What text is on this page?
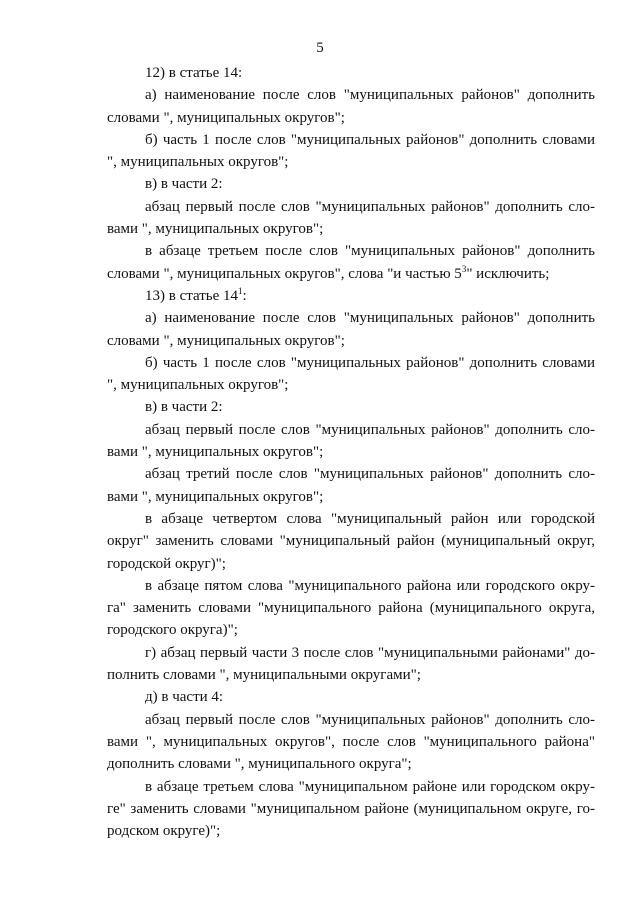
5

12) в статье 14:

а) наименование после слов "муниципальных районов" дополнить словами ", муниципальных округов";

б) часть 1 после слов "муниципальных районов" дополнить словами ", муниципальных округов";

в) в части 2:

абзац первый после слов "муниципальных районов" дополнить словами ", муниципальных округов";

в абзаце третьем после слов "муниципальных районов" дополнить словами ", муниципальных округов", слова "и частью $5^3$" исключить;

13) в статье $14^1$:

а) наименование после слов "муниципальных районов" дополнить словами ", муниципальных округов";

б) часть 1 после слов "муниципальных районов" дополнить словами ", муниципальных округов";

в) в части 2:

абзац первый после слов "муниципальных районов" дополнить словами ", муниципальных округов";

абзац третий после слов "муниципальных районов" дополнить словами ", муниципальных округов";

в абзаце четвертом слова "муниципальный район или городской округ" заменить словами "муниципальный район (муниципальный округ, городской округ)";

в абзаце пятом слова "муниципального района или городского округа" заменить словами "муниципального района (муниципального округа, городского округа)";

г) абзац первый части 3 после слов "муниципальными районами" дополнить словами ", муниципальными округами";

д) в части 4:

абзац первый после слов "муниципальных районов" дополнить словами ", муниципальных округов", после слов "муниципального района" дополнить словами ", муниципального округа";

в абзаце третьем слова "муниципальном районе или городском округе" заменить словами "муниципальном районе (муниципальном округе, городском округе)";
